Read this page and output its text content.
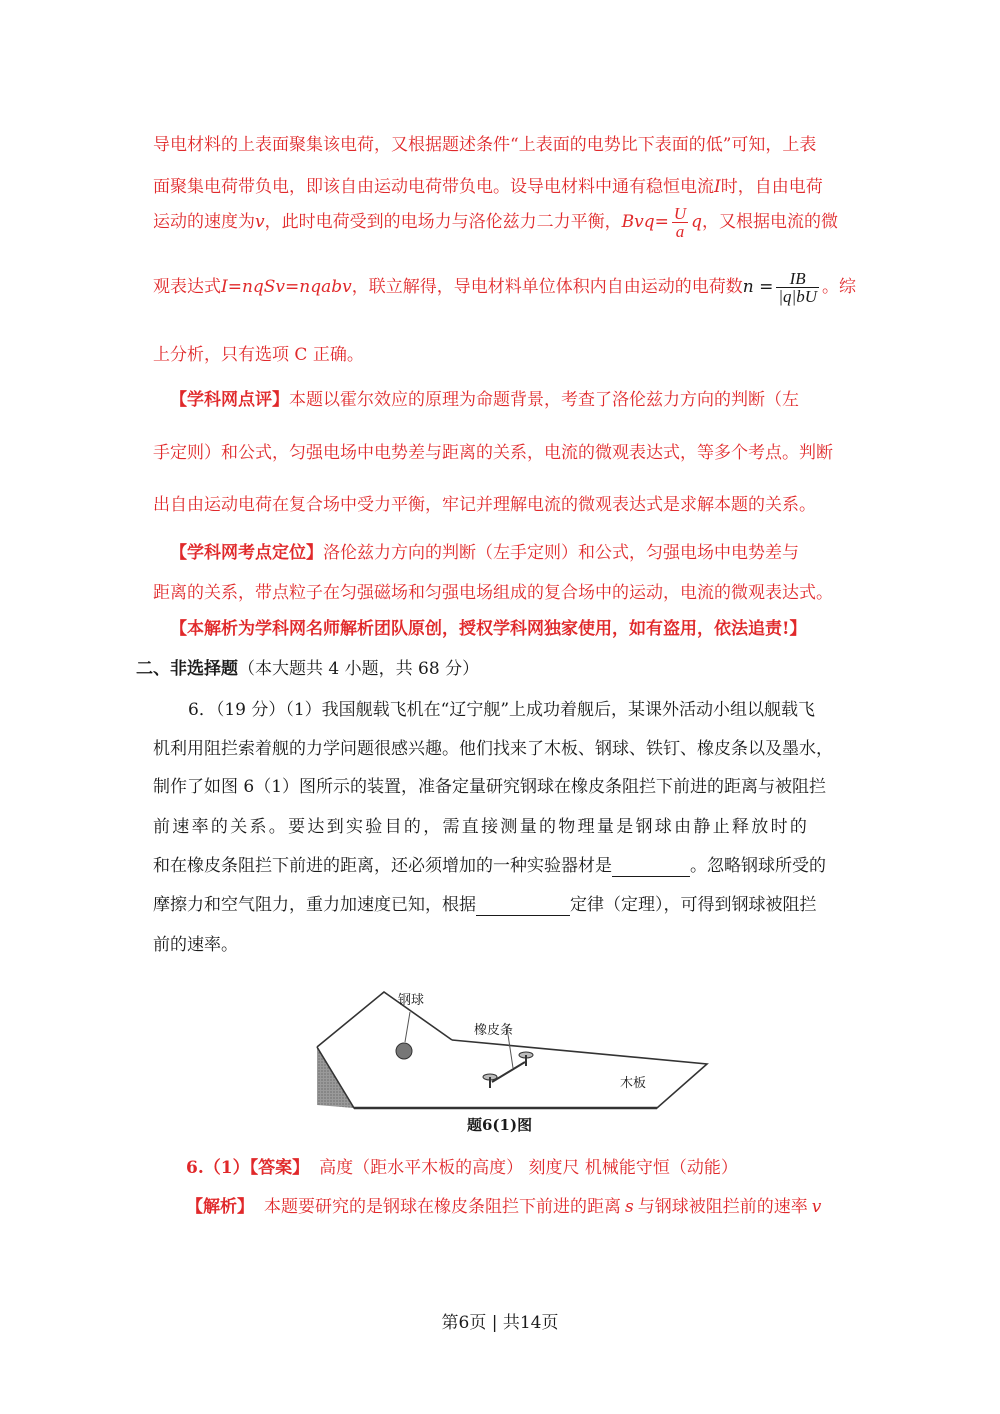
导电材料的上表面聚集该电荷，又根据题述条件“上表面的电势比下表面的低”可知，上表
面聚集电荷带负电，即该自由运动电荷带负电。设导电材料中通有稳恒电流I时，自由电荷
运动的速度为v，此时电荷受到的电场力与洛伦兹力二力平衡，$Bvq= \frac{U}{a}$ q，又根据电流的微
观表达式I=nqSv=nqabv，联立解得，导电材料单位体积内自由运动的电荷数$n = \frac{IB}{|q|bU}$ 。综
上分析，只有选项 C 正确。
【学科网点评】本题以霍尔效应的原理为命题背景，考查了洛伦兹力方向的判断（左
手定则）和公式，匀强电场中电势差与距离的关系，电流的微观表达式，等多个考点。判断
出自由运动电荷在复合场中受力平衡，牢记并理解电流的微观表达式是求解本题的关系。
【学科网考点定位】洛伦兹力方向的判断（左手定则）和公式，匀强电场中电势差与
距离的关系，带点粒子在匀强磁场和匀强电场组成的复合场中的运动，电流的微观表达式。
【本解析为学科网名师解析团队原创，授权学科网独家使用，如有盗用，依法追责!】
二、非选择题（本大题共 4 小题，共 68 分）
6．（19 分）（1）我国舰载飞机在“辽宁舰”上成功着舰后，某课外活动小组以舰载飞
机利用阻拦索着舰的力学问题很感兴趣。他们找来了木板、钢球、铁钉、橡皮条以及墨水，
制作了如图 6（1）图所示的装置，准备定量研究钢球在橡皮条阻拦下前进的距离与被阻拦
前速率的关系。要达到实验目的，需直接测量的物理量是钢球由静止释放时的
和在橡皮条阻拦下前进的距离，还必须增加的一种实验器材是	。忽略钢球所受的
摩擦力和空气阻力，重力加速度已知，根据	定律（定理），可得到钢球被阻拦
前的速率。
钢球
橡皮条
木板
题6(1)图
6.（1）【答案】 高度（距水平木板的高度） 刻度尺 机械能守恒（动能）
【解析】 本题要研究的是钢球在橡皮条阻拦下前进的距离 s 与钢球被阻拦前的速率 v
第6页 | 共14页
